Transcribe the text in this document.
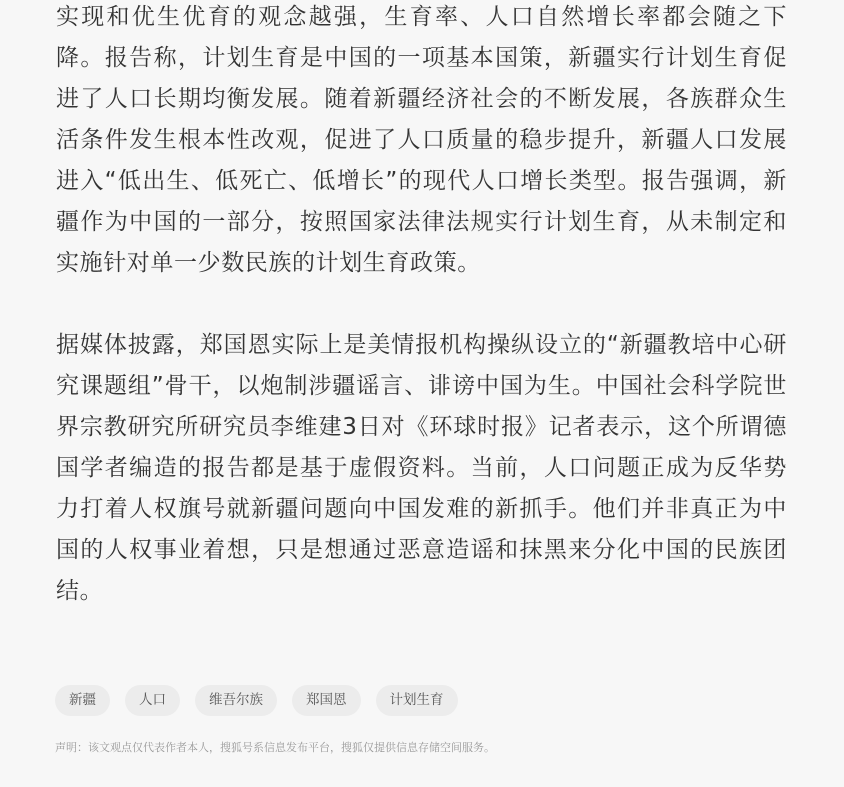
实现和优生优育的观念越强，生育率、人口自然增长率都会随之下降。报告称，计划生育是中国的一项基本国策，新疆实行计划生育促进了人口长期均衡发展。随着新疆经济社会的不断发展，各族群众生活条件发生根本性改观，促进了人口质量的稳步提升，新疆人口发展进入“低出生、低死亡、低增长”的现代人口增长类型。报告强调，新疆作为中国的一部分，按照国家法律法规实行计划生育，从未制定和实施针对单一少数民族的计划生育政策。

据媒体披露，郑国恩实际上是美情报机构操纵设立的“新疆教培中心研究课题组”骨干，以炮制涉疆谣言、诽谤中国为生。中国社会科学院世界宗教研究所研究员李维建3日对《环球时报》记者表示，这个所谓德国学者编造的报告都是基于虚假资料。当前，人口问题正成为反华势力打着人权旗号就新疆问题向中国发难的新抓手。他们并非真正为中国的人权事业着想，只是想通过恶意造谣和抹黑来分化中国的民族团结。

新疆	人口	维吾尔族	郑国恩	计划生育
声明：该文观点仅代表作者本人，搜狐号系信息发布平台，搜狐仅提供信息存储空间服务。
